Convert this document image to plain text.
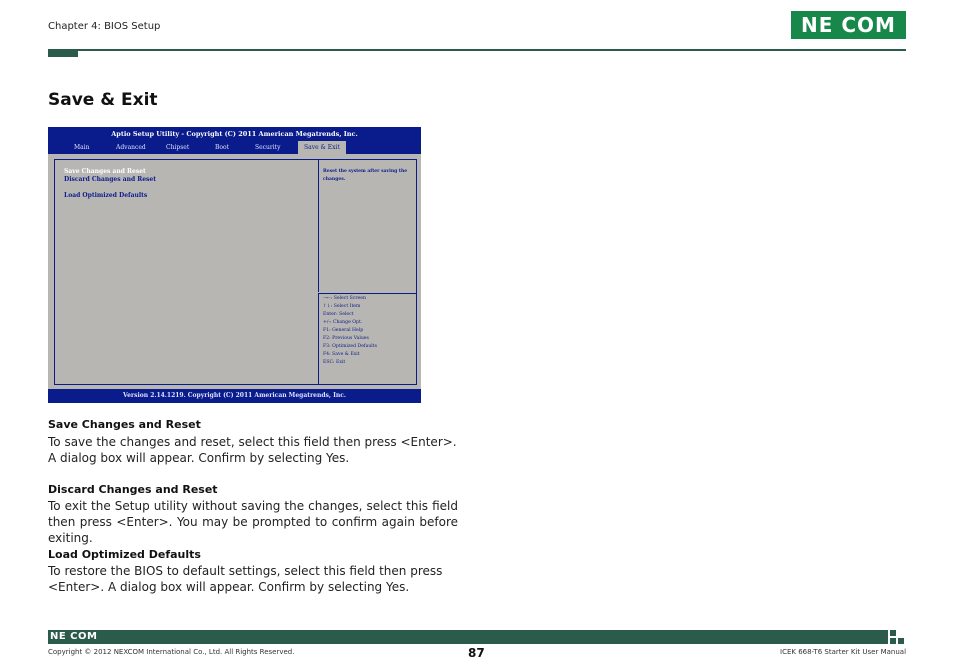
Chapter 4: BIOS Setup	NE COM
Save & Exit
Aptio Setup Utility - Copyright (C) 2011 American Megatrends, Inc.
Main	Advanced	Chipset	Boot	Security	Save & Exit
Save Changes and Reset
Discard Changes and Reset
Load Optimized Defaults
Reset the system after saving the changes.
→←: Select Screen
↑↓: Select Item
Enter: Select
+/-: Change Opt.
F1: General Help
F2: Previous Values
F3: Optimized Defaults
F4: Save & Exit
ESC: Exit
Version 2.14.1219. Copyright (C) 2011 American Megatrends, Inc.
Save Changes and Reset
To save the changes and reset, select this field then press <Enter>. A dialog box will appear. Confirm by selecting Yes.
Discard Changes and Reset
To exit the Setup utility without saving the changes, select this field then press <Enter>. You may be prompted to confirm again before exiting.
Load Optimized Defaults
To restore the BIOS to default settings, select this field then press <Enter>. A dialog box will appear. Confirm by selecting Yes.
NE COM
Copyright © 2012 NEXCOM International Co., Ltd. All Rights Reserved.	87	ICEK 668-T6 Starter Kit User Manual
